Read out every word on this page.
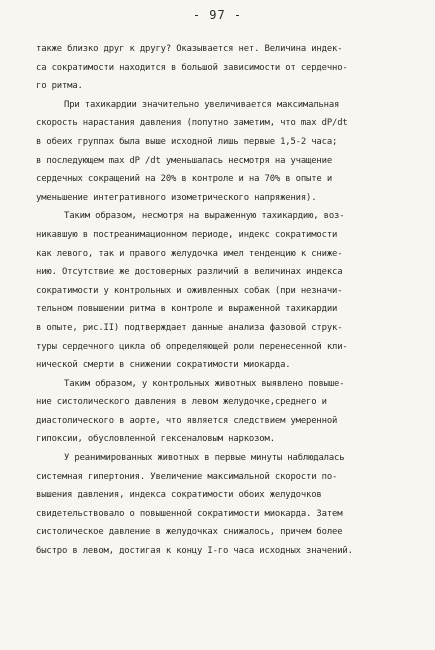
- 97 -
также близко друг к другу? Оказывается нет. Величина индек-
са сократимости находится в большой зависимости от сердечно-
го ритма.
При тахикардии значительно увеличивается максимальная
скорость нарастания давления (попутно заметим, что max dP/dt
в обеих группах была выше исходной лишь первые 1,5-2 часа;
в последующем max dP /dt уменьшалась несмотря на учащение
сердечных сокращений на 20% в контроле и на 70% в опыте и
уменьшение интегративного изометрического напряжения).
Таким образом, несмотря на выраженную тахикардию, воз-
никавшую в постреанимационном периоде, индекс сократимости
как левого, так и правого желудочка имел тенденцию к сниже-
нию. Отсутствие же достоверных различий в величинах индекса
сократимости у контрольных и оживленных собак (при незначи-
тельном повышении ритма в контроле и выраженной тахикардии
в опыте, рис.II) подтверждает данные анализа фазовой струк-
туры сердечного цикла об определяющей роли перенесенной кли-
нической смерти в снижении сократимости миокарда.
Таким образом, у контрольных животных выявлено повыше-
ние систолического давления в левом желудочке,среднего и
диастолического в аорте, что является следствием умеренной
гипоксии, обусловленной гексеналовым наркозом.
У реанимированных животных в первые минуты наблюдалась
системная гипертония. Увеличение максимальной скорости по-
вышения давления, индекса сократимости обоих желудочков
свидетельствовало о повышенной сократимости миокарда. Затем
систолическое давление в желудочках снижалось, причем более
быстро в левом, достигая к концу I-го часа исходных значений.
